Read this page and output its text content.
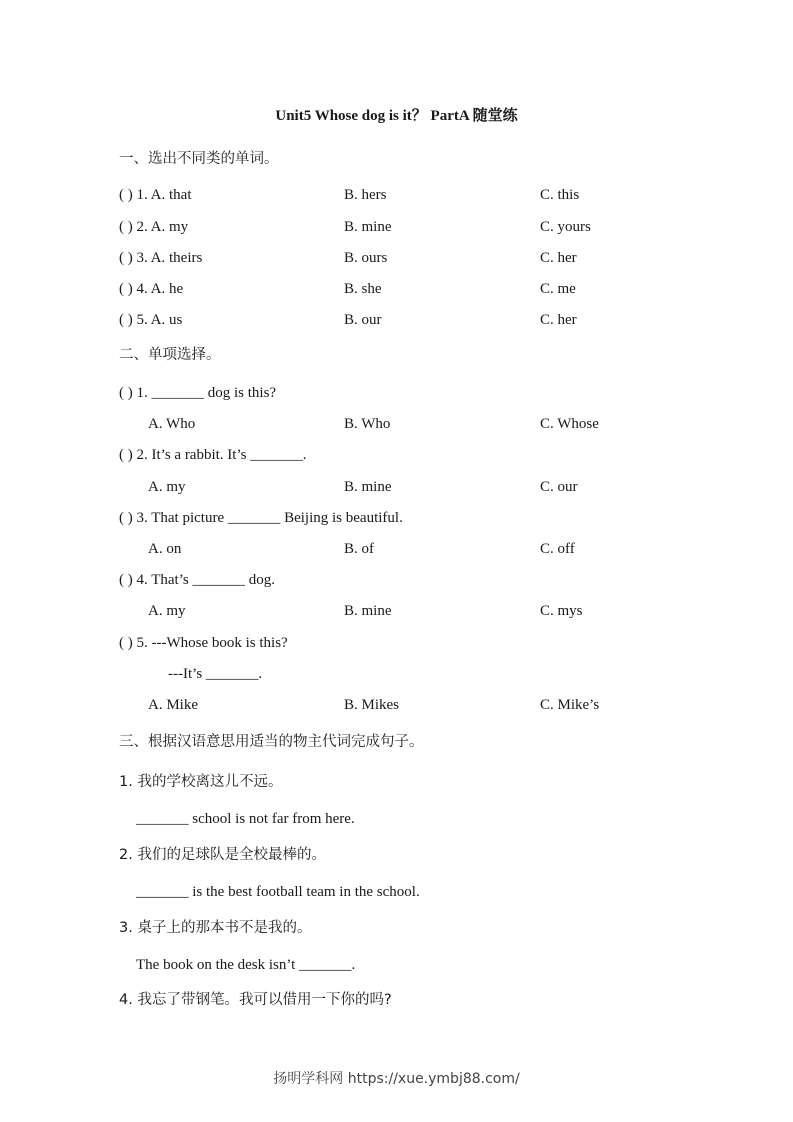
Unit5 Whose dog is it？ PartA 随堂练
一、选出不同类的单词。
( ) 1. A. that	B. hers	C. this
( ) 2. A. my	B. mine	C. yours
( ) 3. A. theirs	B. ours	C. her
( ) 4. A. he	B. she	C. me
( ) 5. A. us	B. our	C. her
二、单项选择。
( ) 1. _______ dog is this?
A. Who	B. Who	C. Whose
( ) 2. It’s a rabbit. It’s _______.
A. my	B. mine	C. our
( ) 3. That picture _______ Beijing is beautiful.
A. on	B. of	C. off
( ) 4. That’s _______ dog.
A. my	B. mine	C. mys
( ) 5. ---Whose book is this?
---It’s _______.
A. Mike	B. Mikes	C. Mike’s
三、根据汉语意思用适当的物主代词完成句子。
1. 我的学校离这儿不远。
_______ school is not far from here.
2. 我们的足球队是全校最棒的。
_______ is the best football team in the school.
3. 桌子上的那本书不是我的。
The book on the desk isn’t _______.
4. 我忘了带钢笔。我可以借用一下你的吗?
扬明学科网 https://xue.ymbj88.com/
